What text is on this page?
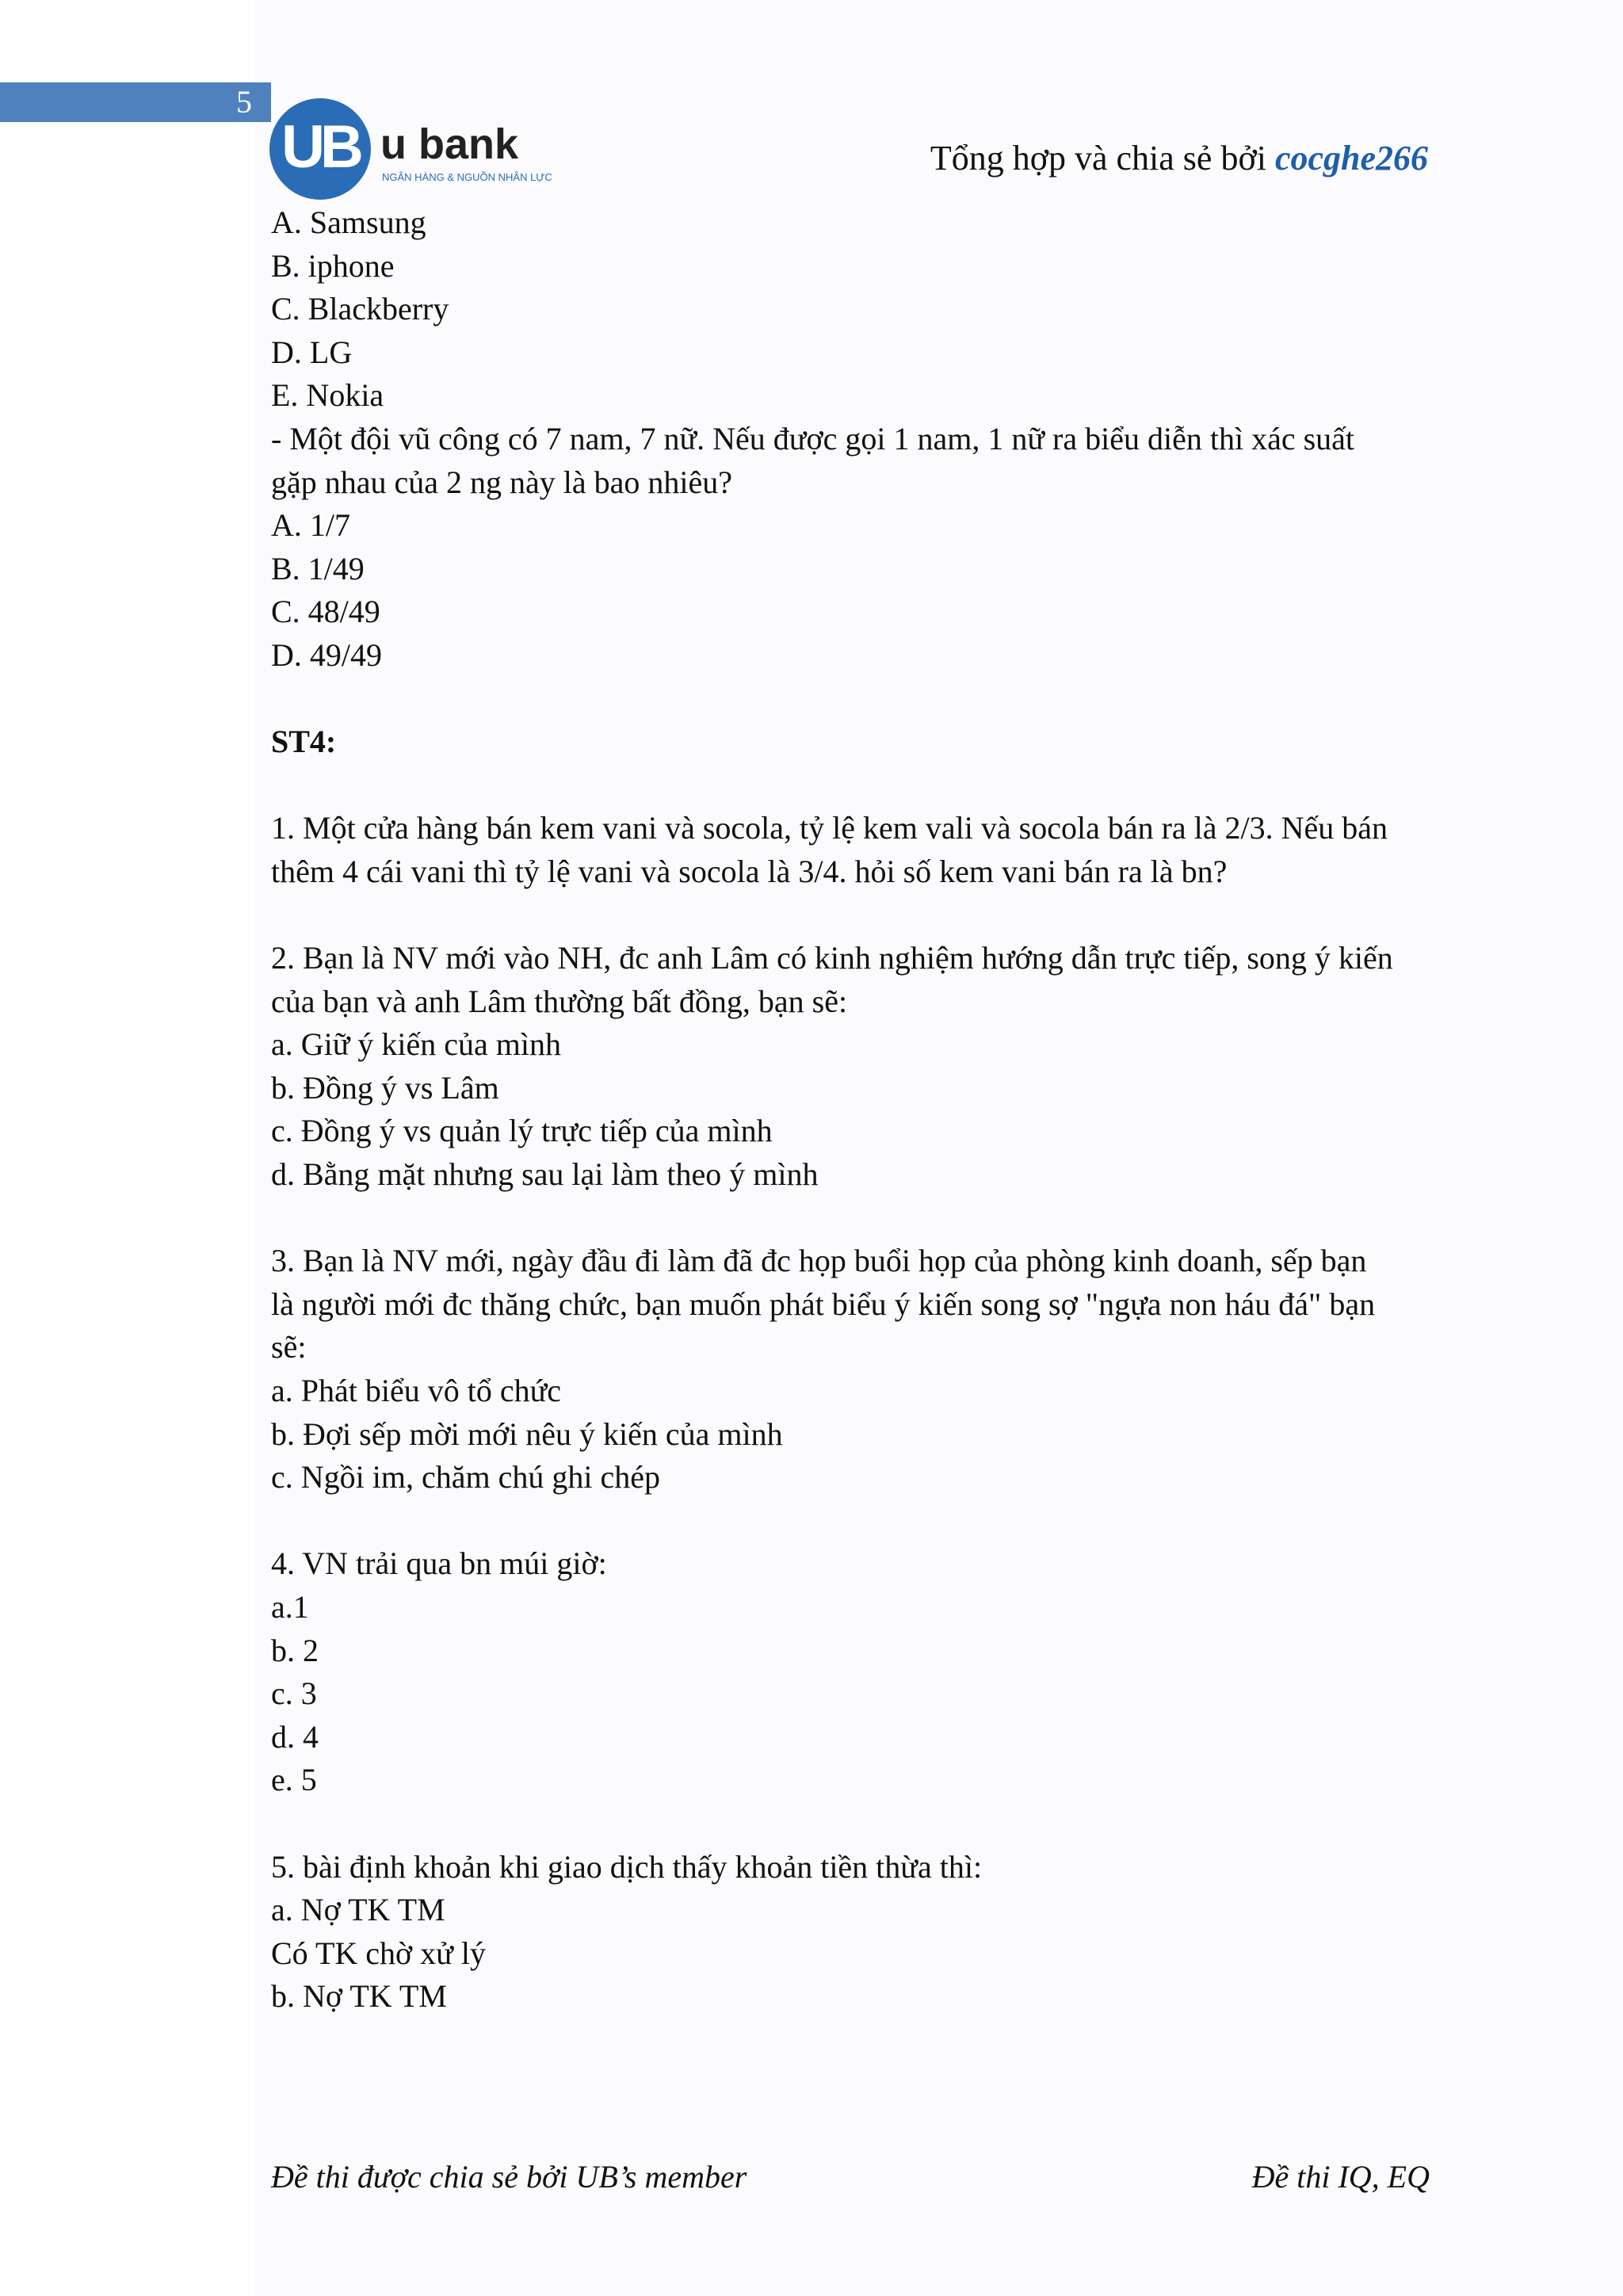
5
UB u bank
NGÂN HÀNG & NGUỒN NHÂN LỰC	Tổng hợp và chia sẻ bởi cocghe266
A. Samsung
B. iphone
C. Blackberry
D. LG
E. Nokia
- Một đội vũ công có 7 nam, 7 nữ. Nếu được gọi 1 nam, 1 nữ ra biểu diễn thì xác suất
gặp nhau của 2 ng này là bao nhiêu?
A. 1/7
B. 1/49
C. 48/49
D. 49/49
ST4:
1. Một cửa hàng bán kem vani và socola, tỷ lệ kem vali và socola bán ra là 2/3. Nếu bán
thêm 4 cái vani thì tỷ lệ vani và socola là 3/4. hỏi số kem vani bán ra là bn?
2. Bạn là NV mới vào NH, đc anh Lâm có kinh nghiệm hướng dẫn trực tiếp, song ý kiến
của bạn và anh Lâm thường bất đồng, bạn sẽ:
a. Giữ ý kiến của mình
b. Đồng ý vs Lâm
c. Đồng ý vs quản lý trực tiếp của mình
d. Bằng mặt nhưng sau lại làm theo ý mình
3. Bạn là NV mới, ngày đầu đi làm đã đc họp buổi họp của phòng kinh doanh, sếp bạn
là người mới đc thăng chức, bạn muốn phát biểu ý kiến song sợ "ngựa non háu đá" bạn
sẽ:
a. Phát biểu vô tổ chức
b. Đợi sếp mời mới nêu ý kiến của mình
c. Ngồi im, chăm chú ghi chép
4. VN trải qua bn múi giờ:
a.1
b. 2
c. 3
d. 4
e. 5
5. bài định khoản khi giao dịch thấy khoản tiền thừa thì:
a. Nợ TK TM
Có TK chờ xử lý
b. Nợ TK TM
Đề thi được chia sẻ bởi UB’s member	Đề thi IQ, EQ
